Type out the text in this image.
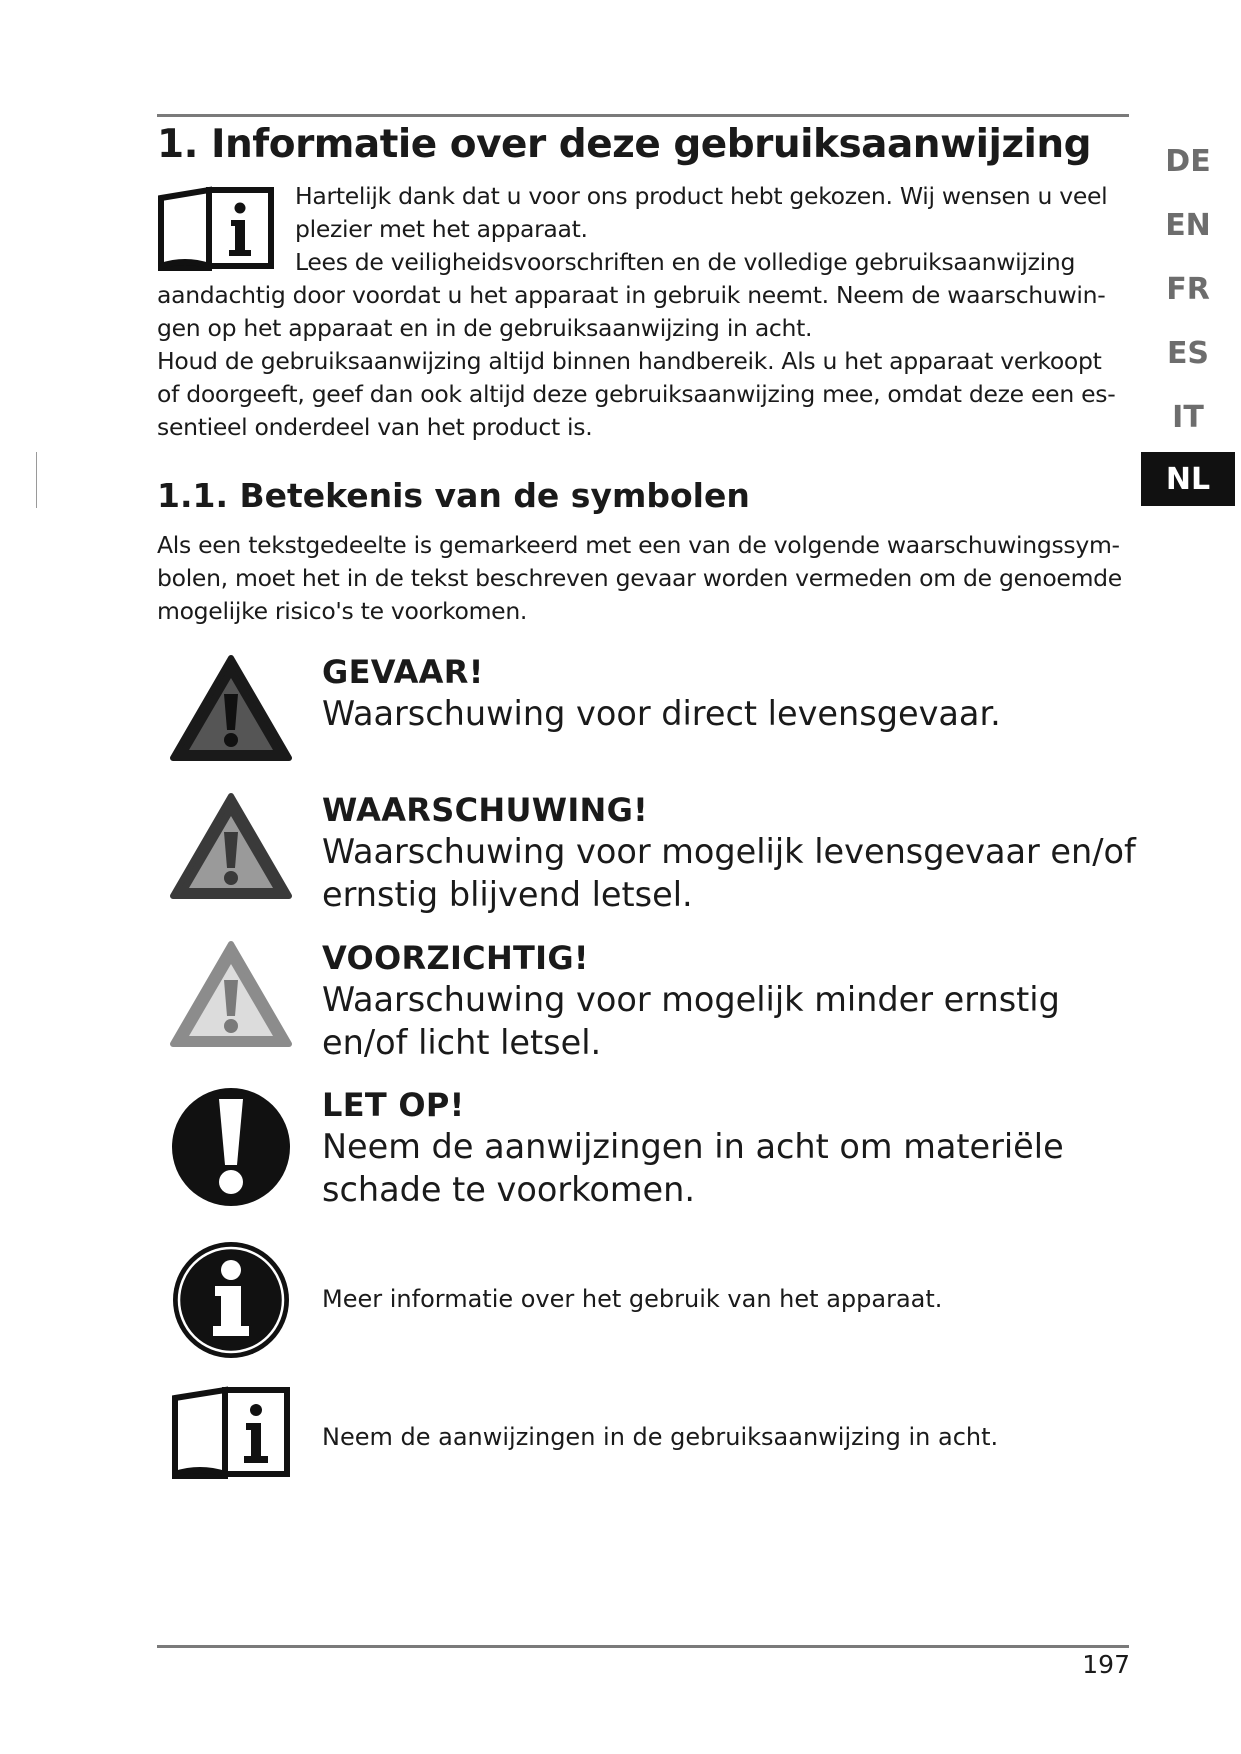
1. Informatie over deze gebruiksaanwijzing

Hartelijk dank dat u voor ons product hebt gekozen. Wij wensen u veel plezier met het apparaat.

Lees de veiligheidsvoorschriften en de volledige gebruiksaanwijzing aandachtig door voordat u het apparaat in gebruik neemt. Neem de waarschuwin-gen op het apparaat en in de gebruiksaanwijzing in acht.

Houd de gebruiksaanwijzing altijd binnen handbereik. Als u het apparaat verkoopt of doorgeeft, geef dan ook altijd deze gebruiksaanwijzing mee, omdat deze een es-sentieel onderdeel van het product is.

1.1. Betekenis van de symbolen
Als een tekstgedeelte is gemarkeerd met een van de volgende waarschuwingssym-bolen, moet het in de tekst beschreven gevaar worden vermeden om de genoemde mogelijke risico's te voorkomen.
GEVAAR!
Waarschuwing voor direct levensgevaar.
WAARSCHUWING!
Waarschuwing voor mogelijk levensgevaar en/of ernstig blijvend letsel.
VOORZICHTIG!
Waarschuwing voor mogelijk minder ernstig en/of licht letsel.
LET OP!
Neem de aanwijzingen in acht om materiële schade te voorkomen.
Meer informatie over het gebruik van het apparaat.
Neem de aanwijzingen in de gebruiksaanwijzing in acht.
DE
EN
FR
ES
IT
NL
197
